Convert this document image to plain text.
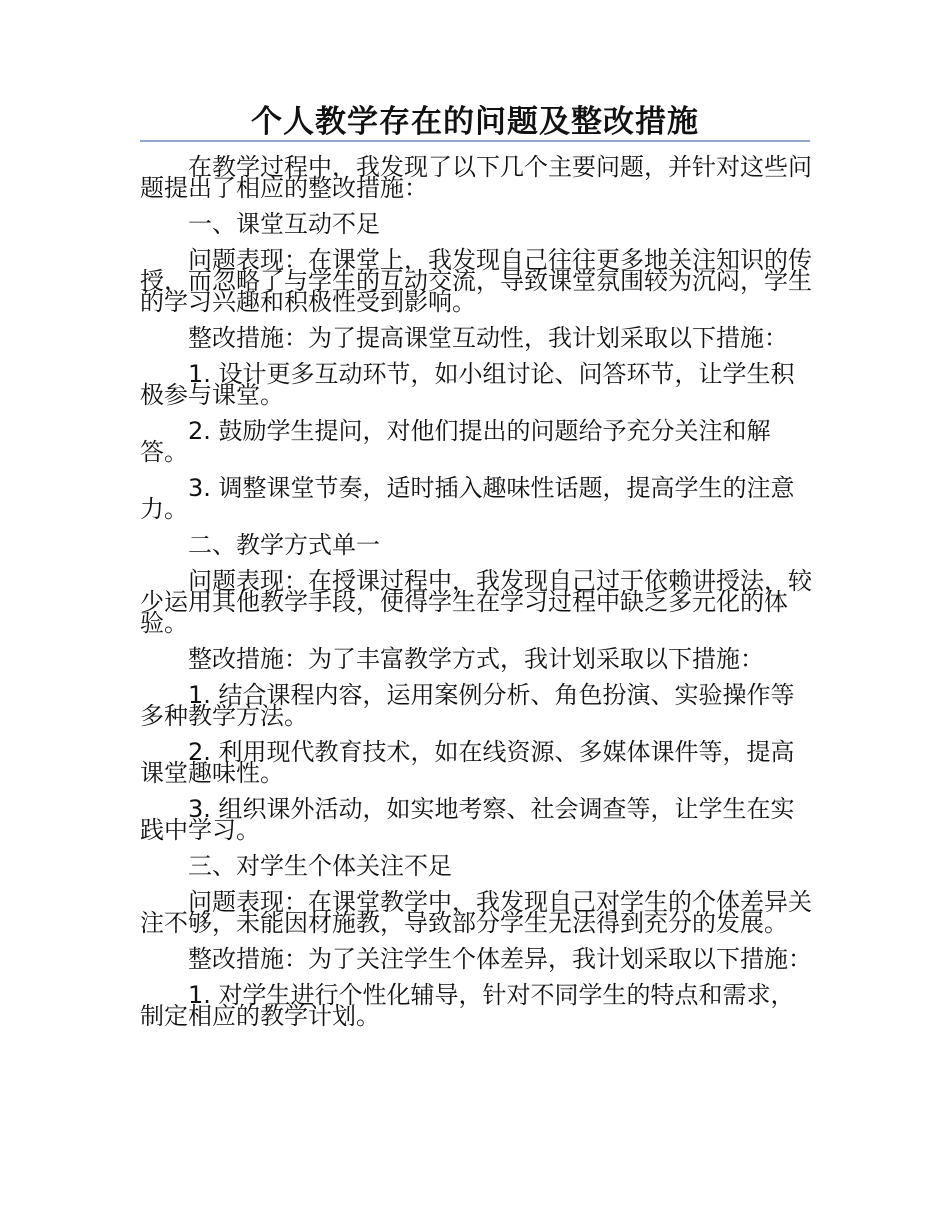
个人教学存在的问题及整改措施

在教学过程中，我发现了以下几个主要问题，并针对这些问题提出了相应的整改措施：

一、课堂互动不足

问题表现：在课堂上，我发现自己往往更多地关注知识的传授，而忽略了与学生的互动交流，导致课堂氛围较为沉闷，学生的学习兴趣和积极性受到影响。

整改措施：为了提高课堂互动性，我计划采取以下措施：

1. 设计更多互动环节，如小组讨论、问答环节，让学生积极参与课堂。

2. 鼓励学生提问，对他们提出的问题给予充分关注和解答。

3. 调整课堂节奏，适时插入趣味性话题，提高学生的注意力。

二、教学方式单一

问题表现：在授课过程中，我发现自己过于依赖讲授法，较少运用其他教学手段，使得学生在学习过程中缺乏多元化的体验。

整改措施：为了丰富教学方式，我计划采取以下措施：

1. 结合课程内容，运用案例分析、角色扮演、实验操作等多种教学方法。

2. 利用现代教育技术，如在线资源、多媒体课件等，提高课堂趣味性。

3. 组织课外活动，如实地考察、社会调查等，让学生在实践中学习。

三、对学生个体关注不足

问题表现：在课堂教学中，我发现自己对学生的个体差异关注不够，未能因材施教，导致部分学生无法得到充分的发展。

整改措施：为了关注学生个体差异，我计划采取以下措施：

1. 对学生进行个性化辅导，针对不同学生的特点和需求，制定相应的教学计划。
